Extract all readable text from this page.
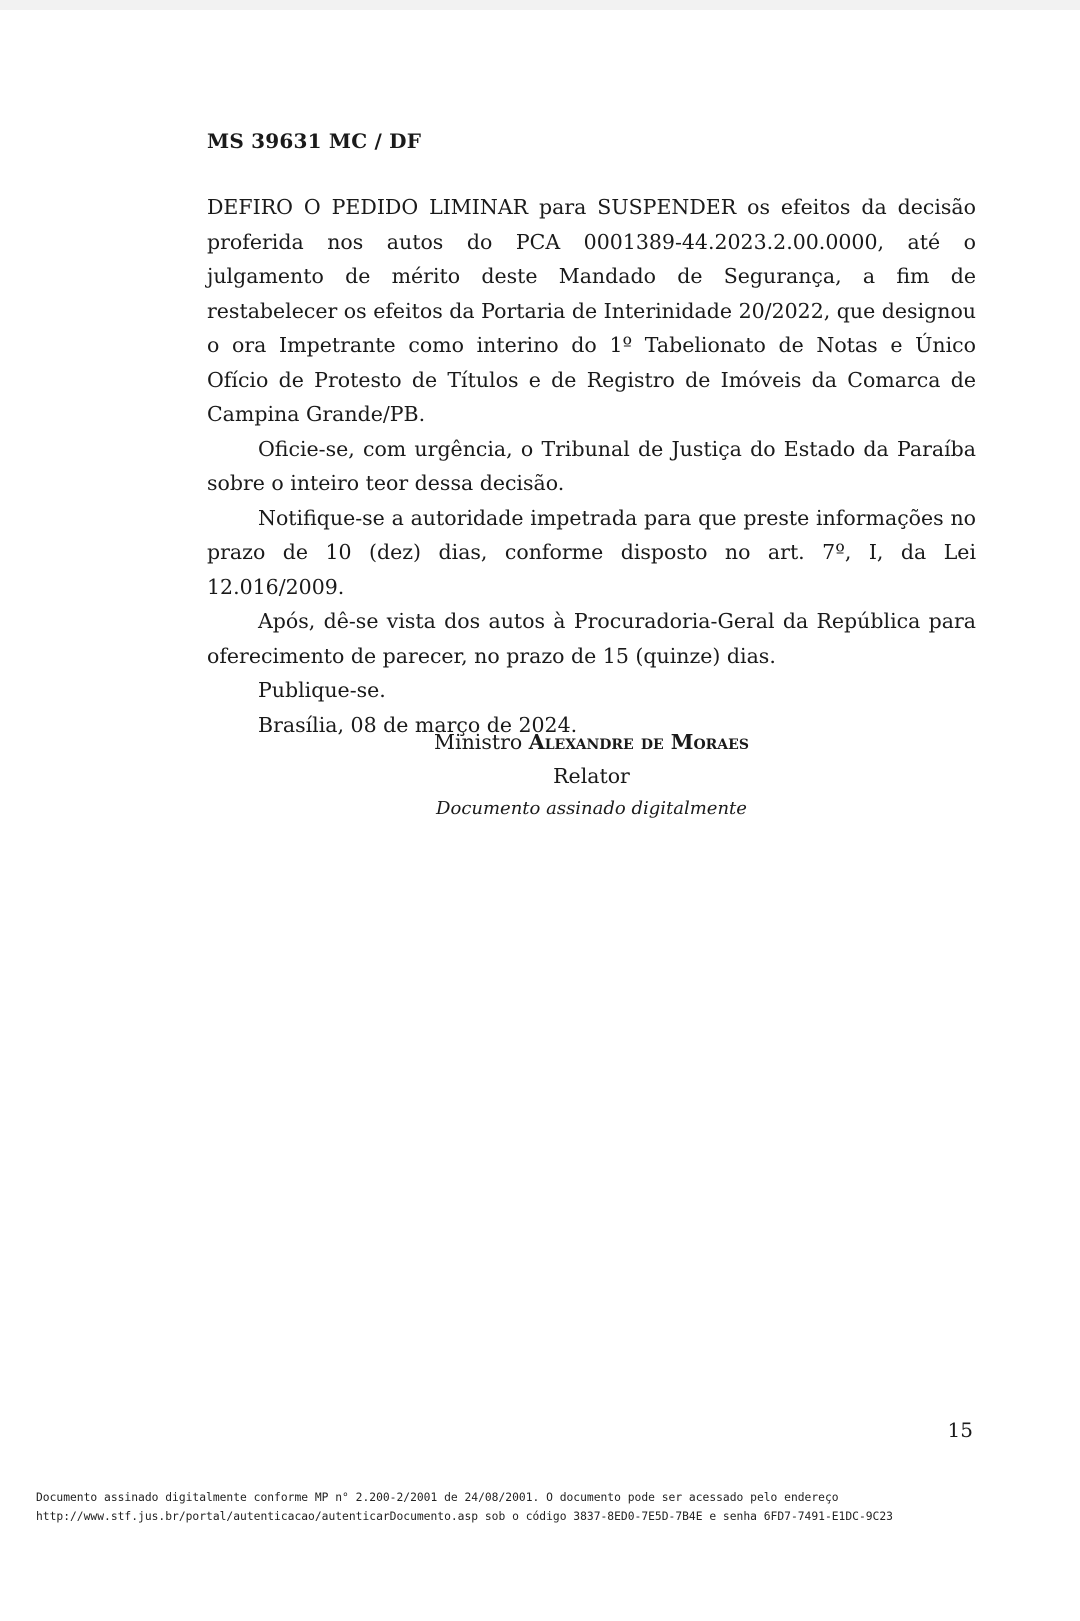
MS 39631 MC / DF

DEFIRO O PEDIDO LIMINAR para SUSPENDER os efeitos da decisão proferida nos autos do PCA 0001389-44.2023.2.00.0000, até o julgamento de mérito deste Mandado de Segurança, a fim de restabelecer os efeitos da Portaria de Interinidade 20/2022, que designou o ora Impetrante como interino do 1º Tabelionato de Notas e Único Ofício de Protesto de Títulos e de Registro de Imóveis da Comarca de Campina Grande/PB.

Oficie-se, com urgência, o Tribunal de Justiça do Estado da Paraíba sobre o inteiro teor dessa decisão.

Notifique-se a autoridade impetrada para que preste informações no prazo de 10 (dez) dias, conforme disposto no art. 7º, I, da Lei 12.016/2009.

Após, dê-se vista dos autos à Procuradoria-Geral da República para oferecimento de parecer, no prazo de 15 (quinze) dias.

Publique-se.

Brasília, 08 de março de 2024.

Ministro Alexandre de Moraes
Relator
Documento assinado digitalmente
15
Documento assinado digitalmente conforme MP n° 2.200-2/2001 de 24/08/2001. O documento pode ser acessado pelo endereço
http://www.stf.jus.br/portal/autenticacao/autenticarDocumento.asp sob o código 3837-8ED0-7E5D-7B4E e senha 6FD7-7491-E1DC-9C23
